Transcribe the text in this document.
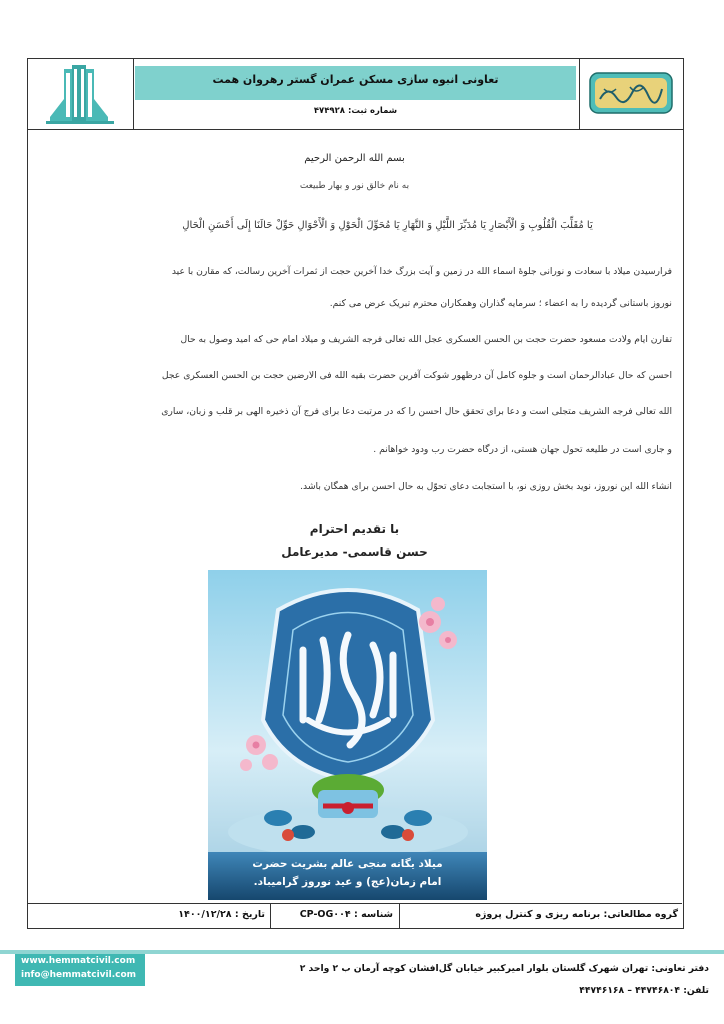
تعاونی انبوه سازی مسکن عمران گستر رهروان همت
شماره ثبت: ۴۷۴۹۲۸
بسم الله الرحمن الرحیم
به نام خالق نور و بهار طبیعت
یَا مُقَلِّبَ الْقُلُوبِ وَ الْأَبْصَارِ یَا مُدَبِّرَ اللَّیْلِ وَ النَّهَارِ یَا مُحَوِّلَ الْحَوْلِ وَ الْأَحْوَالِ حَوِّلْ حَالَنَا إِلَى أَحْسَنِ الْحَالِ
فرارسیدن میلاد با سعادت و نورانی جلوهٔ اسماء الله در زمین و آیت بزرگ خدا آخرین حجت از ثمرات آخرین رسالت، که مقارن با عید
نوروز باستانی گردیده را به اعضاء ؛ سرمایه گذاران وهمکاران محترم تبریک عرض می کنم.
تقارن ایام ولادت مسعود حضرت حجت بن الحسن العسکری عجل الله تعالی فرجه الشریف و میلاد امام حی که امید وصول به حال
احسن که حال عبادالرحمان است و جلوه کامل آن درظهور شوکت آفرین حضرت بقیه الله فی الارضین حجت بن الحسن العسکری عجل
الله تعالی فرجه الشریف متجلی است و دعا برای تحقق حال احسن را که در مرتبت دعا برای فرج آن ذخیره الهی بر قلب و زبان، ساری
و جاری است در طلیعه تحول جهان هستی، از درگاه حضرت رب ودود خواهانم .
انشاء الله این نوروز، نوید بخش روزی نو، با استجابت دعای تحوّل به حال احسن برای همگان باشد.
با تقدیم احترام
حسن قاسمی- مدیرعامل
میلاد یگانه منجی عالم بشریت حضرت
امام زمان(عج) و عید نوروز گرامیباد.
گروه مطالعاتی: برنامه ریزی و کنترل پروژه
شناسه : CP-OG۰۰۴
تاریخ : ۱۴۰۰/۱۲/۲۸
www.hemmatcivil.com
info@hemmatcivil.com
دفتر تعاونی: تهران شهرک گلستان بلوار امیرکبیر خیابان گل‌افشان کوچه آرمان ب ۲ واحد ۲
تلفن: ۴۴۷۴۶۸۰۴ – ۴۴۷۴۶۱۶۸
